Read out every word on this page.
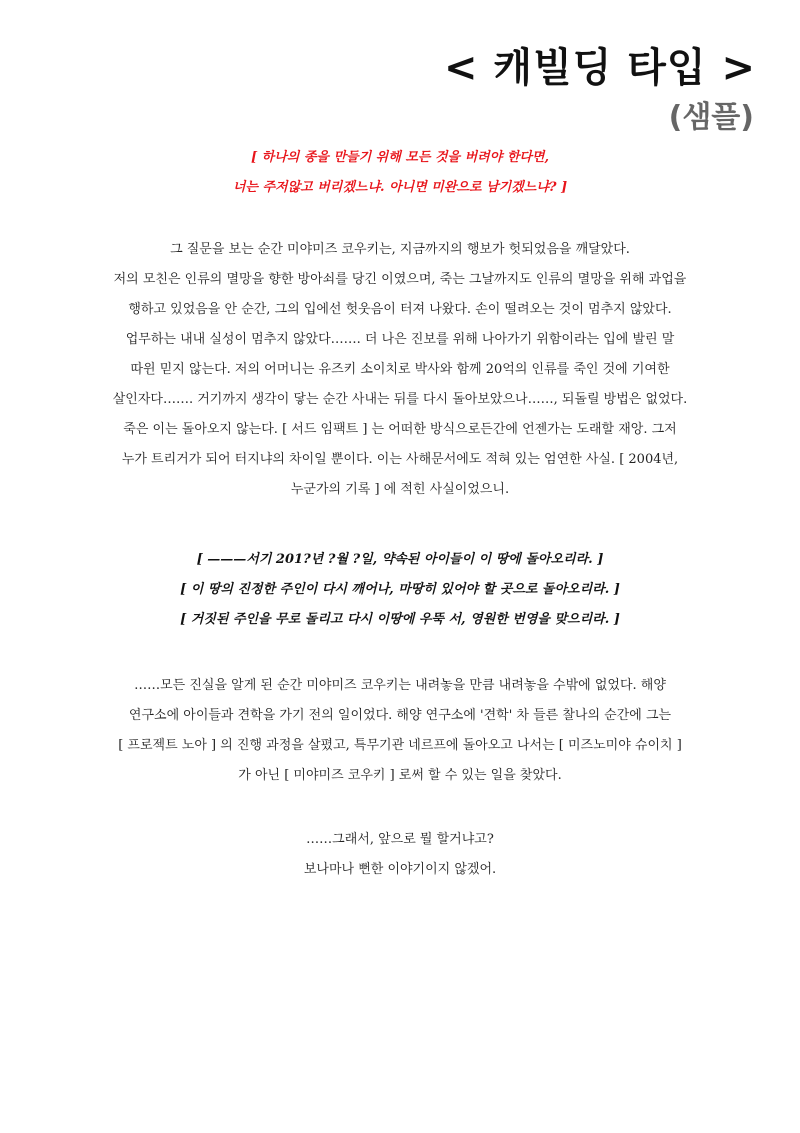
< 캐빌딩 타입 >
(샘플)
[ 하나의 종을 만들기 위해 모든 것을 버려야 한다면,
너는 주저않고 버리겠느냐. 아니면 미완으로 남기겠느냐? ]
그 질문을 보는 순간 미야미즈 코우키는, 지금까지의 행보가 헛되었음을 깨달았다.
저의 모친은 인류의 멸망을 향한 방아쇠를 당긴 이였으며, 죽는 그날까지도 인류의 멸망을 위해 과업을
행하고 있었음을 안 순간, 그의 입에선 헛웃음이 터져 나왔다. 손이 떨려오는 것이 멈추지 않았다.
업무하는 내내 실성이 멈추지 않았다……. 더 나은 진보를 위해 나아가기 위함이라는 입에 발린 말
따윈 믿지 않는다. 저의 어머니는 유즈키 소이치로 박사와 함께 20억의 인류를 죽인 것에 기여한
살인자다……. 거기까지 생각이 닿는 순간 사내는 뒤를 다시 돌아보았으나……, 되돌릴 방법은 없었다.
죽은 이는 돌아오지 않는다. [ 서드 임팩트 ] 는 어떠한 방식으로든간에 언젠가는 도래할 재앙. 그저
누가 트리거가 되어 터지냐의 차이일 뿐이다. 이는 사해문서에도 적혀 있는 엄연한 사실. [ 2004년,
누군가의 기록 ] 에 적힌 사실이었으니.
[ ———서기 201?년 ?월 ?일, 약속된 아이들이 이 땅에 돌아오리라. ]
[ 이 땅의 진정한 주인이 다시 깨어나, 마땅히 있어야 할 곳으로 돌아오리라. ]
[ 거짓된 주인을 무로 돌리고 다시 이땅에 우뚝 서, 영원한 번영을 맞으리라. ]
……모든 진실을 알게 된 순간 미야미즈 코우키는 내려놓을 만큼 내려놓을 수밖에 없었다. 해양
연구소에 아이들과 견학을 가기 전의 일이었다. 해양 연구소에 '견학' 차 들른 찰나의 순간에 그는
[ 프로젝트 노아 ] 의 진행 과정을 살폈고, 특무기관 네르프에 돌아오고 나서는 [ 미즈노미야 슈이치 ]
가 아닌 [ 미야미즈 코우키 ] 로써 할 수 있는 일을 찾았다.
……그래서, 앞으로 뭘 할거냐고?
보나마나 뻔한 이야기이지 않겠어.
